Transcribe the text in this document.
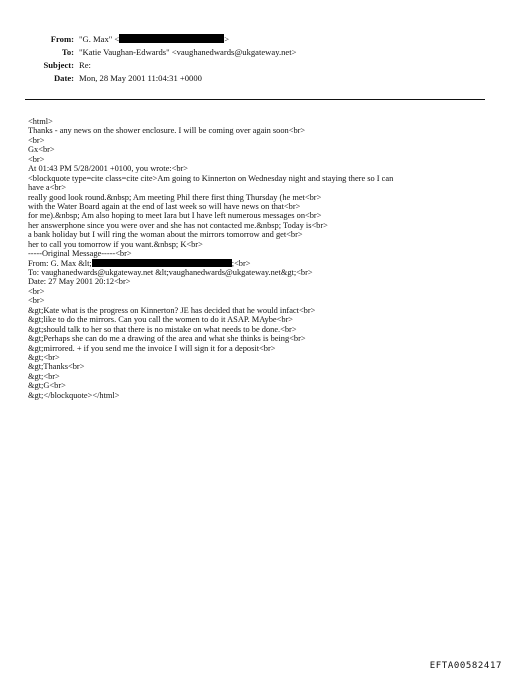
From: "G. Max" <	>
To: "Katie Vaughan-Edwards" <vaughanedwards@ukgateway.net>
Subject: Re:
Date: Mon, 28 May 2001 11:04:31 +0000
<html>
Thanks - any news on the shower enclosure. I will be coming over again soon<br>
<br>
Gx<br>
<br>
At 01:43 PM 5/28/2001 +0100, you wrote:<br>
<blockquote type=cite class=cite cite>Am going to Kinnerton on Wednesday night and staying there so I can
have a<br>
really good look round.&nbsp; Am meeting Phil there first thing Thursday (he met<br>
with the Water Board again at the end of last week so will have news on that<br>
for me).&nbsp; Am also hoping to meet Iara but I have left numerous messages on<br>
her answerphone since you were over and she has not contacted me.&nbsp; Today is<br>
a bank holiday but I will ring the woman about the mirrors tomorrow and get<br>
her to call you tomorrow if you want.&nbsp; K<br>
-----Original Message-----<br>
From: G. Max &lt;	;<br>
To: vaughanedwards@ukgateway.net &lt;vaughanedwards@ukgateway.net&gt;<br>
Date: 27 May 2001 20:12<br>
<br>
<br>
&gt;Kate what is the progress on Kinnerton? JE has decided that he would infact<br>
&gt;like to do the mirrors. Can you call the women to do it ASAP. MAybe<br>
&gt;should talk to her so that there is no mistake on what needs to be done.<br>
&gt;Perhaps she can do me a drawing of the area and what she thinks is being<br>
&gt;mirrored. + if you send me the invoice I will sign it for a deposit<br>
&gt;<br>
&gt;Thanks<br>
&gt;<br>
&gt;G<br>
&gt;</blockquote></html>
EFTA00582417
